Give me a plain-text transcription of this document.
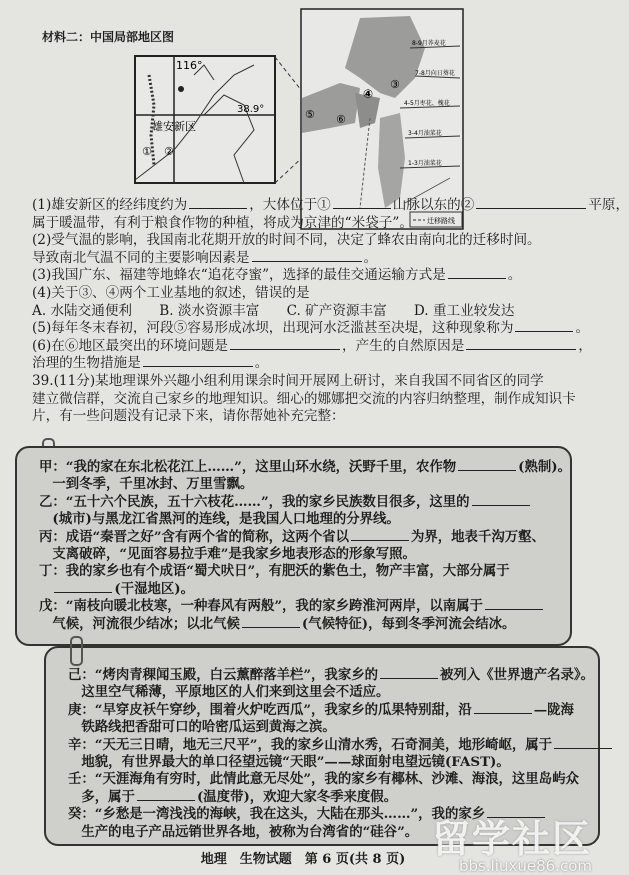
材料二：中国局部地区图
116°
38.9°
雄安新区
① ②
8-9月荞麦花
7-8月向日葵花
4-5月枣花、槐花
3-4月油菜花
1-3月油菜花
③
④
⑤ ⑥
迁移路线
(1)雄安新区的经纬度约为	，大体位于①	山脉以东的②	平原，
属于暖温带，有利于粮食作物的种植，将成为京津的“米袋子”。
(2)受气温的影响，我国南北花期开放的时间不同，决定了蜂农由南向北的迁移时间。
导致南北气温不同的主要影响因素是	。
(3)我国广东、福建等地蜂农“追花夺蜜”，选择的最佳交通运输方式是	。
(4)关于③、④两个工业基地的叙述，错误的是
A. 水陆交通便利　　B. 淡水资源丰富　　C. 矿产资源丰富　　D. 重工业较发达
(5)每年冬末春初，河段⑤容易形成冰坝，出现河水泛滥甚至决堤，这种现象称为	。
(6)在⑥地区最突出的环境问题是	，产生的自然原因是	，
治理的生物措施是	。
39.(11分)某地理课外兴趣小组利用课余时间开展网上研讨，来自我国不同省区的同学
建立微信群，交流自己家乡的地理知识。细心的娜娜把交流的内容归纳整理，制作成知识卡
片，有一些问题没有记录下来，请你帮她补充完整：
甲：“我的家在东北松花江上……”，这里山环水绕，沃野千里，农作物	(熟制)。
　一到冬季，千里冰封、万里雪飘。
乙：“五十六个民族，五十六枝花……”，我的家乡民族数目很多，这里的
　(城市)与黑龙江省黑河的连线，是我国人口地理的分界线。
丙：成语“秦晋之好”含有两个省的简称，这两个省以	为界，地表千沟万壑、
　支离破碎，“见面容易拉手难”是我家乡地表形态的形象写照。
丁：我的家乡也有个成语“蜀犬吠日”，有肥沃的紫色土，物产丰富，大部分属于
　(干湿地区)。
戊：“南枝向暖北枝寒，一种春风有两般”，我的家乡跨淮河两岸，以南属于
　气候，河流很少结冰；以北气候	(气候特征)，每到冬季河流会结冰。
己：“烤肉青稞闻玉殿，白云薰醉落羊栏”，我家乡的	被列入《世界遗产名录》。
　这里空气稀薄，平原地区的人们来到这里会不适应。
庚：“早穿皮袄午穿纱，围着火炉吃西瓜”，我家乡的瓜果特别甜，沿	—陇海
　铁路线把香甜可口的哈密瓜运到黄海之滨。
辛：“天无三日晴，地无三尺平”，我的家乡山清水秀，石奇洞美，地形崎岖，属于
　地貌，有世界最大的单口径望远镜“天眼”——球面射电望远镜(FAST)。
壬：“天涯海角有穷时，此情此意无尽处”，我的家乡有椰林、沙滩、海浪，这里岛屿众
　多，属于	(温度带)，欢迎大家冬季来度假。
癸：“乡愁是一湾浅浅的海峡，我在这头，大陆在那头……”，我的家乡
　生产的电子产品远销世界各地，被称为台湾省的“硅谷”。
地理　生物试题　第 6 页(共 8 页) 留学社区
bbs.liuxue86.com
